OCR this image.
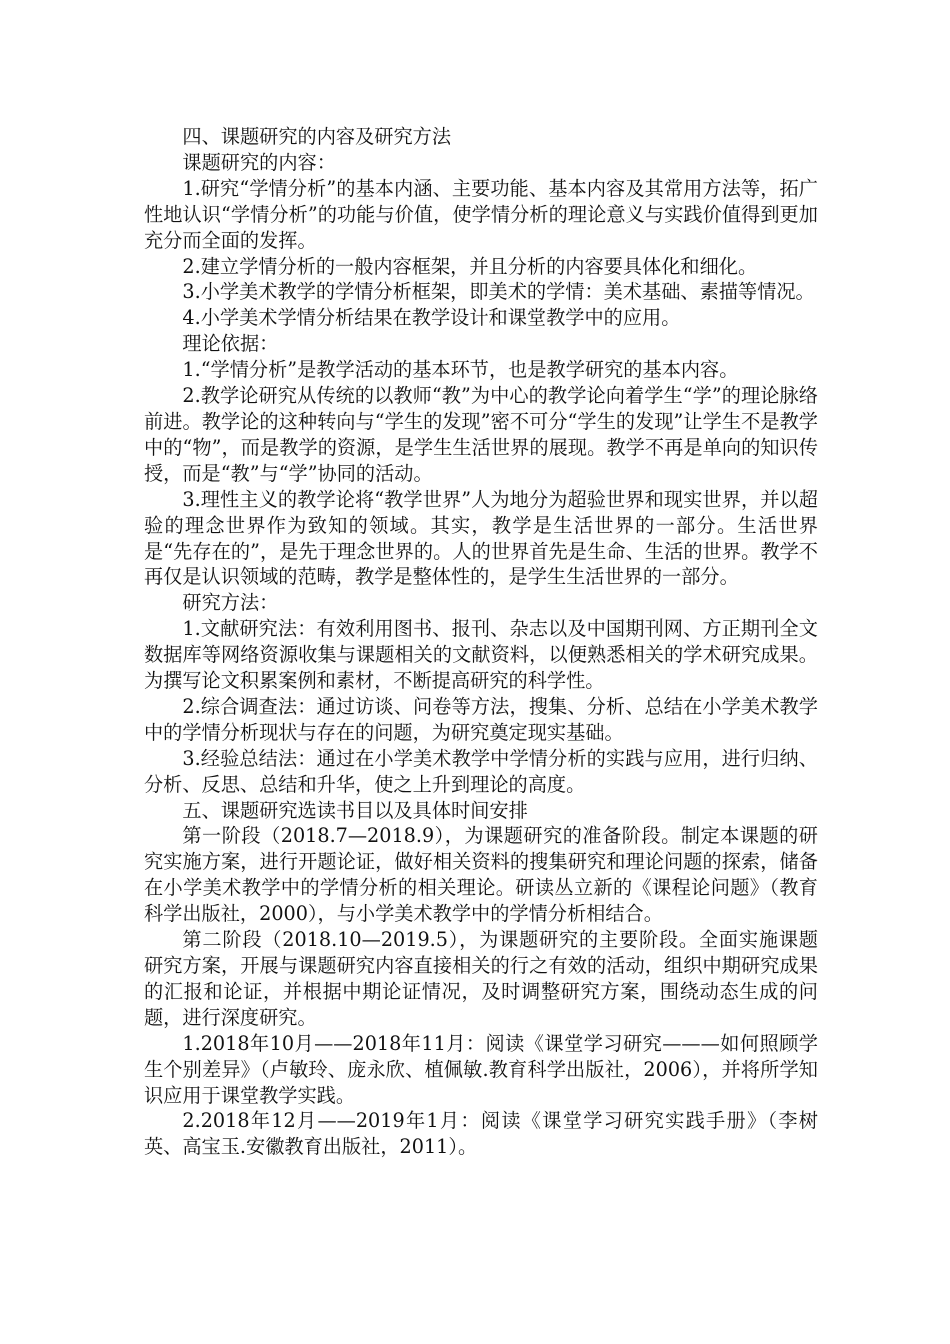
四、课题研究的内容及研究方法

课题研究的内容：

1.研究“学情分析”的基本内涵、主要功能、基本内容及其常用方法等，拓广性地认识“学情分析”的功能与价值，使学情分析的理论意义与实践价值得到更加充分而全面的发挥。

2.建立学情分析的一般内容框架，并且分析的内容要具体化和细化。

3.小学美术教学的学情分析框架，即美术的学情：美术基础、素描等情况。

4.小学美术学情分析结果在教学设计和课堂教学中的应用。

理论依据：

1.“学情分析”是教学活动的基本环节，也是教学研究的基本内容。

2.教学论研究从传统的以教师“教”为中心的教学论向着学生“学”的理论脉络前进。教学论的这种转向与“学生的发现”密不可分“学生的发现”让学生不是教学中的“物”，而是教学的资源，是学生生活世界的展现。教学不再是单向的知识传授，而是“教”与“学”协同的活动。

3.理性主义的教学论将“教学世界”人为地分为超验世界和现实世界，并以超验的理念世界作为致知的领域。其实，教学是生活世界的一部分。生活世界是“先存在的”，是先于理念世界的。人的世界首先是生命、生活的世界。教学不再仅是认识领域的范畴，教学是整体性的，是学生生活世界的一部分。

研究方法：

1.文献研究法：有效利用图书、报刊、杂志以及中国期刊网、方正期刊全文数据库等网络资源收集与课题相关的文献资料，以便熟悉相关的学术研究成果。为撰写论文积累案例和素材，不断提高研究的科学性。

2.综合调查法：通过访谈、问卷等方法，搜集、分析、总结在小学美术教学中的学情分析现状与存在的问题，为研究奠定现实基础。

3.经验总结法：通过在小学美术教学中学情分析的实践与应用，进行归纳、分析、反思、总结和升华，使之上升到理论的高度。

五、课题研究选读书目以及具体时间安排

第一阶段（2018.7—2018.9），为课题研究的准备阶段。制定本课题的研究实施方案，进行开题论证，做好相关资料的搜集研究和理论问题的探索，储备在小学美术教学中的学情分析的相关理论。研读丛立新的《课程论问题》（教育科学出版社，2000），与小学美术教学中的学情分析相结合。

第二阶段（2018.10—2019.5），为课题研究的主要阶段。全面实施课题研究方案，开展与课题研究内容直接相关的行之有效的活动，组织中期研究成果的汇报和论证，并根据中期论证情况，及时调整研究方案，围绕动态生成的问题，进行深度研究。

1.2018年10月——2018年11月：阅读《课堂学习研究———如何照顾学生个别差异》（卢敏玲、庞永欣、植佩敏.教育科学出版社，2006），并将所学知识应用于课堂教学实践。

2.2018年12月——2019年1月：阅读《课堂学习研究实践手册》（李树英、高宝玉.安徽教育出版社，2011）。
